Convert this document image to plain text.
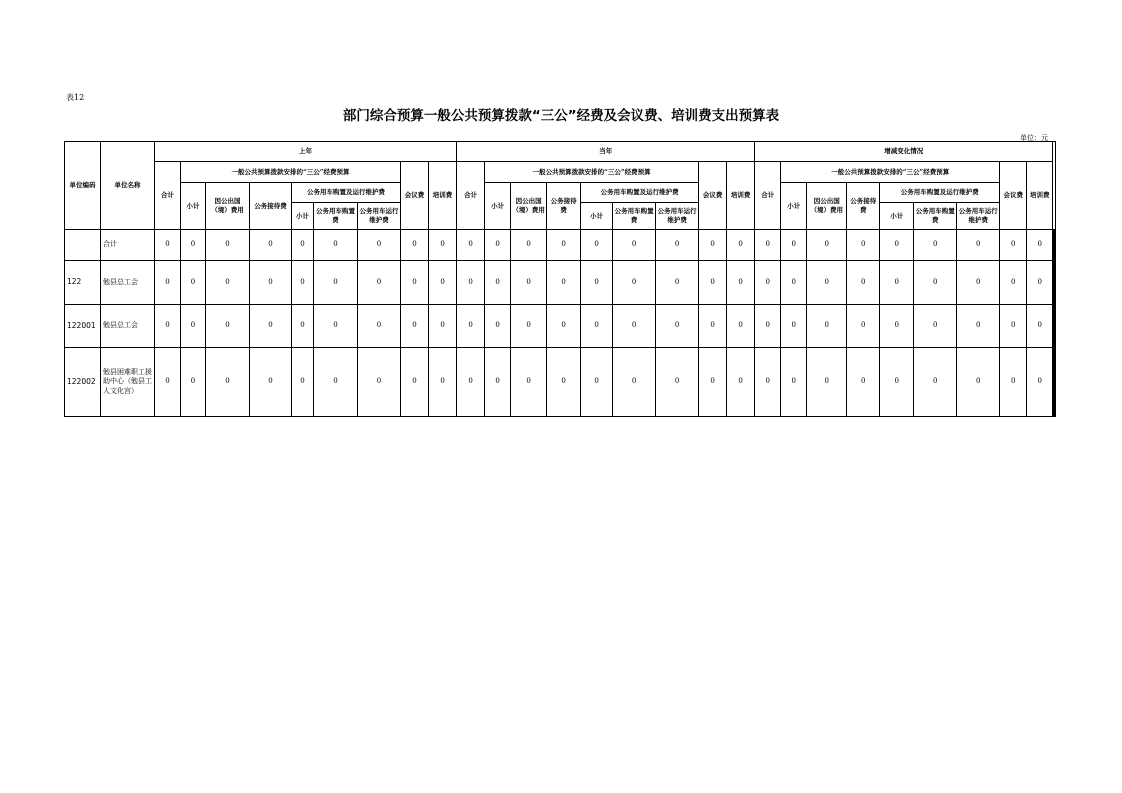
表12
部门综合预算一般公共预算拨款“三公”经费及会议费、培训费支出预算表
单位：元
单位编码	单位名称	上年									当年									增减变化情况										
		合计	一般公共预算拨款安排的“三公”经费预算						会议费	培训费	合计	一般公共预算拨款安排的“三公”经费预算						会议费	培训费	合计	一般公共预算拨款安排的“三公”经费预算						会议费	培训费		
			小计	因公出国（境）费用	公务接待费	公务用车购置及运行维护费						小计	因公出国（境）费用	公务接待费	公务用车购置及运行维护费						小计	因公出国（境）费用	公务接待费	公务用车购置及运行维护费						
						小计	公务用车购置费	公务用车运行维护费							小计	公务用车购置费	公务用车运行维护费							小计	公务用车购置费	公务用车运行维护费				
	合计	0	0	0	0	0	0	0	0	0	0	0	0	0	0	0	0	0	0	0	0	0	0	0	0	0	0	0			
122	勉县总工会	0	0	0	0	0	0	0	0	0	0	0	0	0	0	0	0	0	0	0	0	0	0	0	0	0	0	0			
122001	勉县总工会	0	0	0	0	0	0	0	0	0	0	0	0	0	0	0	0	0	0	0	0	0	0	0	0	0	0	0			
122002	勉县困难职工援助中心（勉县工人文化宫）	0	0	0	0	0	0	0	0	0	0	0	0	0	0	0	0	0	0	0	0	0	0	0	0	0	0	0			
